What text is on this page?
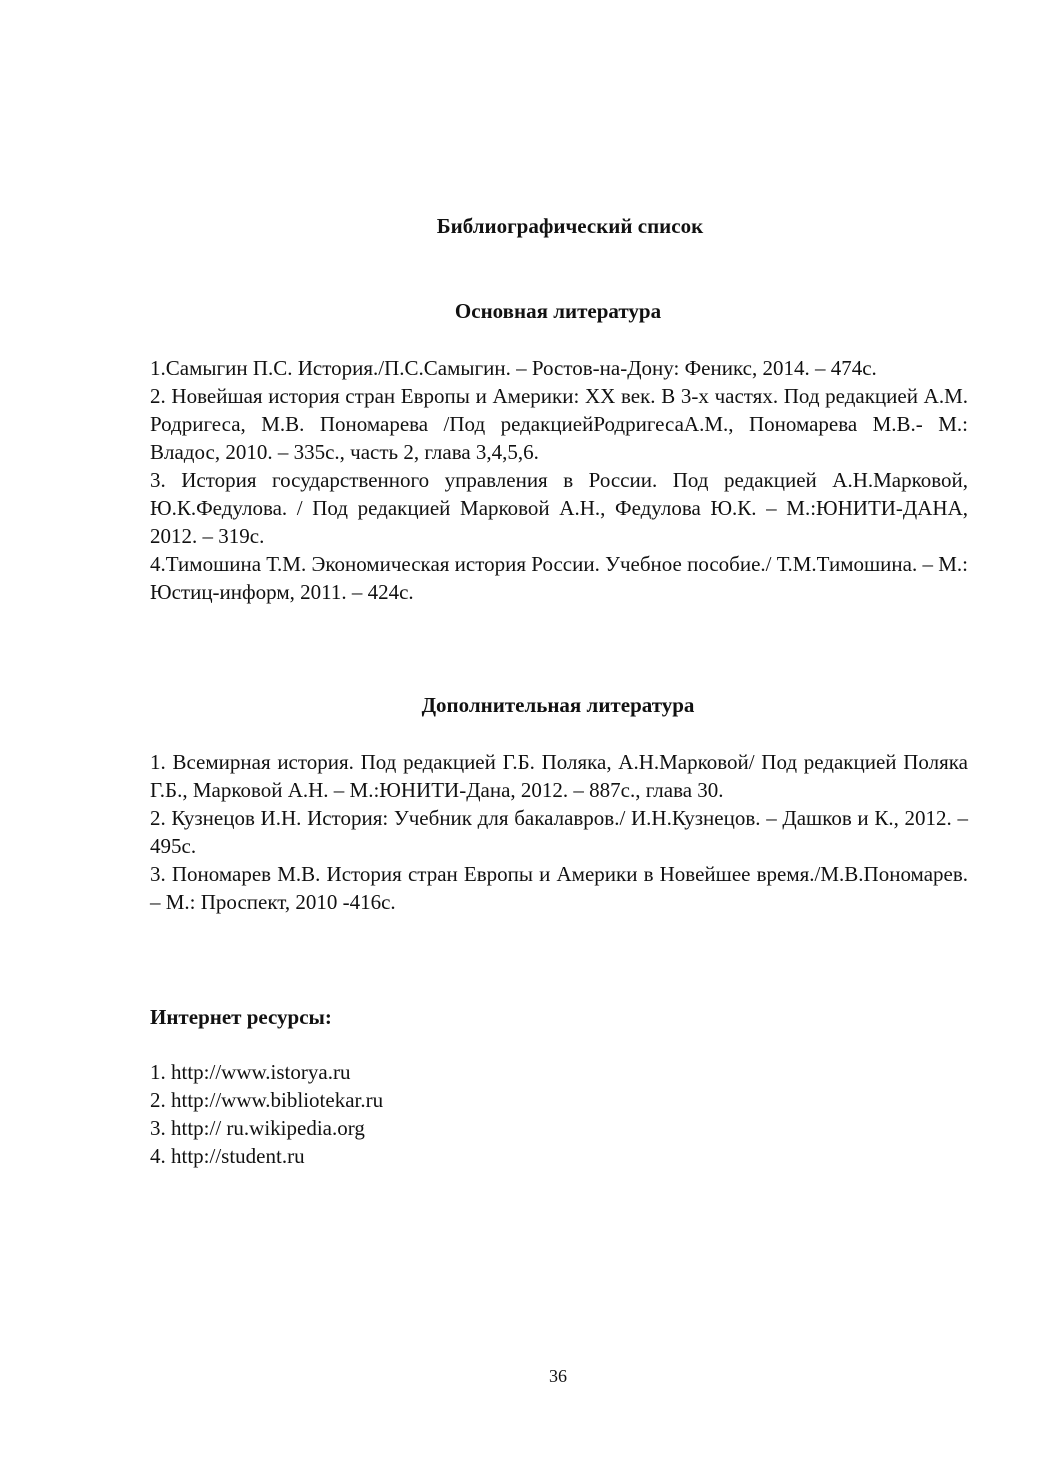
Библиографический список
Основная литература

1.Самыгин П.С. История./П.С.Самыгин. – Ростов-на-Дону: Феникс, 2014. – 474с.

2. Новейшая история стран Европы и Америки: XX век. В 3-х частях. Под редакцией А.М. Родригеса, М.В. Пономарева /Под редакциейРодригесаА.М., Пономарева М.В.- М.: Владос, 2010. – 335с., часть 2, глава 3,4,5,6.

3. История государственного управления в России. Под редакцией А.Н.Марковой, Ю.К.Федулова. / Под редакцией Марковой А.Н., Федулова Ю.К. – М.:ЮНИТИ-ДАНА, 2012. – 319с.

4.Тимошина Т.М. Экономическая история России. Учебное пособие./ Т.М.Тимошина. – М.: Юстиц-информ, 2011. – 424с.

Дополнительная литература

1. Всемирная история. Под редакцией Г.Б. Поляка, А.Н.Марковой/ Под редакцией Поляка Г.Б., Марковой А.Н. – М.:ЮНИТИ-Дана, 2012. – 887с., глава 30.

2. Кузнецов И.Н. История: Учебник для бакалавров./ И.Н.Кузнецов. – Дашков и К., 2012. – 495с.

3. Пономарев М.В. История стран Европы и Америки в Новейшее время./М.В.Пономарев. – М.: Проспект, 2010 -416с.

Интернет ресурсы:

1. http://www.istorya.ru

2. http://www.bibliotekar.ru

3. http:// ru.wikipedia.org

4. http://student.ru

36
